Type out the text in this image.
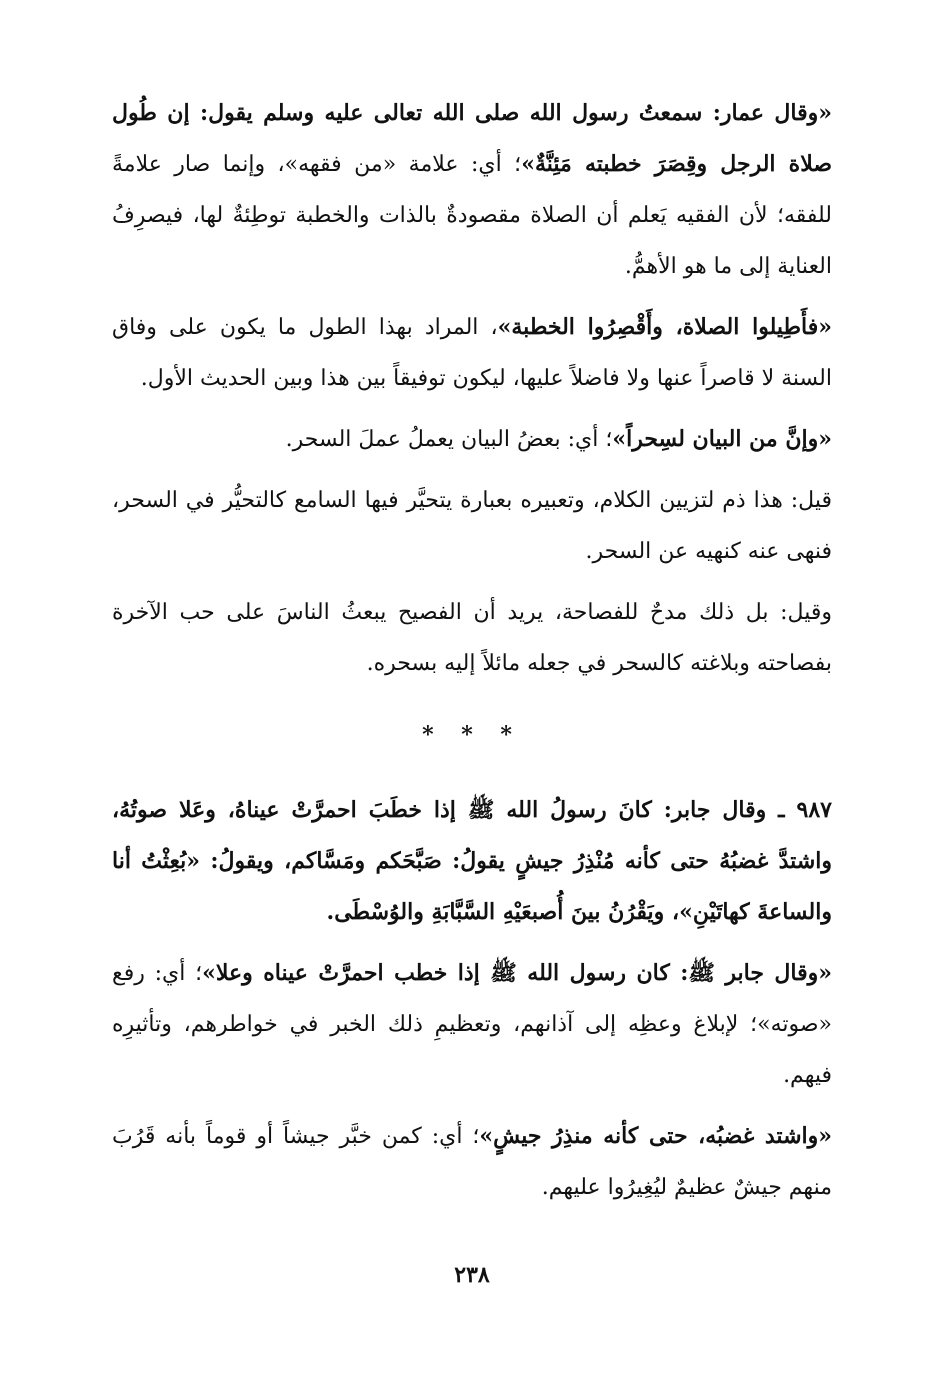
«وقال عمار: سمعتُ رسول الله صلى الله تعالى عليه وسلم يقول: إن طُول صلاة الرجل وقِصَرَ خطبته مَئِنَّةٌ»؛ أي: علامة «من فقهه»، وإنما صار علامةً للفقه؛ لأن الفقيه يَعلم أن الصلاة مقصودةٌ بالذات والخطبة توطِئةٌ لها، فيصرِفُ العناية إلى ما هو الأهمُّ.

«فأَطِيلوا الصلاة، وأَقْصِرُوا الخطبة»، المراد بهذا الطول ما يكون على وفاق السنة لا قاصراً عنها ولا فاضلاً عليها، ليكون توفيقاً بين هذا وبين الحديث الأول.

«وإنَّ من البيان لسِحراً»؛ أي: بعضُ البيان يعملُ عملَ السحر.

قيل: هذا ذم لتزيين الكلام، وتعبيره بعبارة يتحيَّر فيها السامع كالتحيُّر في السحر، فنهى عنه كنهيه عن السحر.

وقيل: بل ذلك مدحٌ للفصاحة، يريد أن الفصيح يبعثُ الناسَ على حب الآخرة بفصاحته وبلاغته كالسحر في جعله مائلاً إليه بسحره.

* * *

٩٨٧ ـ وقال جابر: كانَ رسولُ الله ﷺ إذا خطَبَ احمرَّتْ عيناهُ، وعَلا صوتُهُ، واشتدَّ غضبُهُ حتى كأنه مُنْذِرُ جيشٍ يقولُ: صَبَّحَكم ومَسَّاكم، ويقولُ: «بُعِثْتُ أنا والساعةَ كهاتَيْنِ»، ويَقْرُنُ بينَ أُصبعَيْهِ السَّبَّابَةِ والوُسْطَى.

«وقال جابر ﷺ: كان رسول الله ﷺ إذا خطب احمرَّتْ عيناه وعلا»؛ أي: رفع «صوته»؛ لإبلاغ وعظِه إلى آذانهم، وتعظيمِ ذلك الخبر في خواطرهم، وتأثيرِه فيهم.

«واشتد غضبُه، حتى كأنه منذِرُ جيشٍ»؛ أي: كمن خبَّر جيشاً أو قوماً بأنه قَرُبَ منهم جيشٌ عظيمٌ ليُغِيرُوا عليهم.

٢٣٨
